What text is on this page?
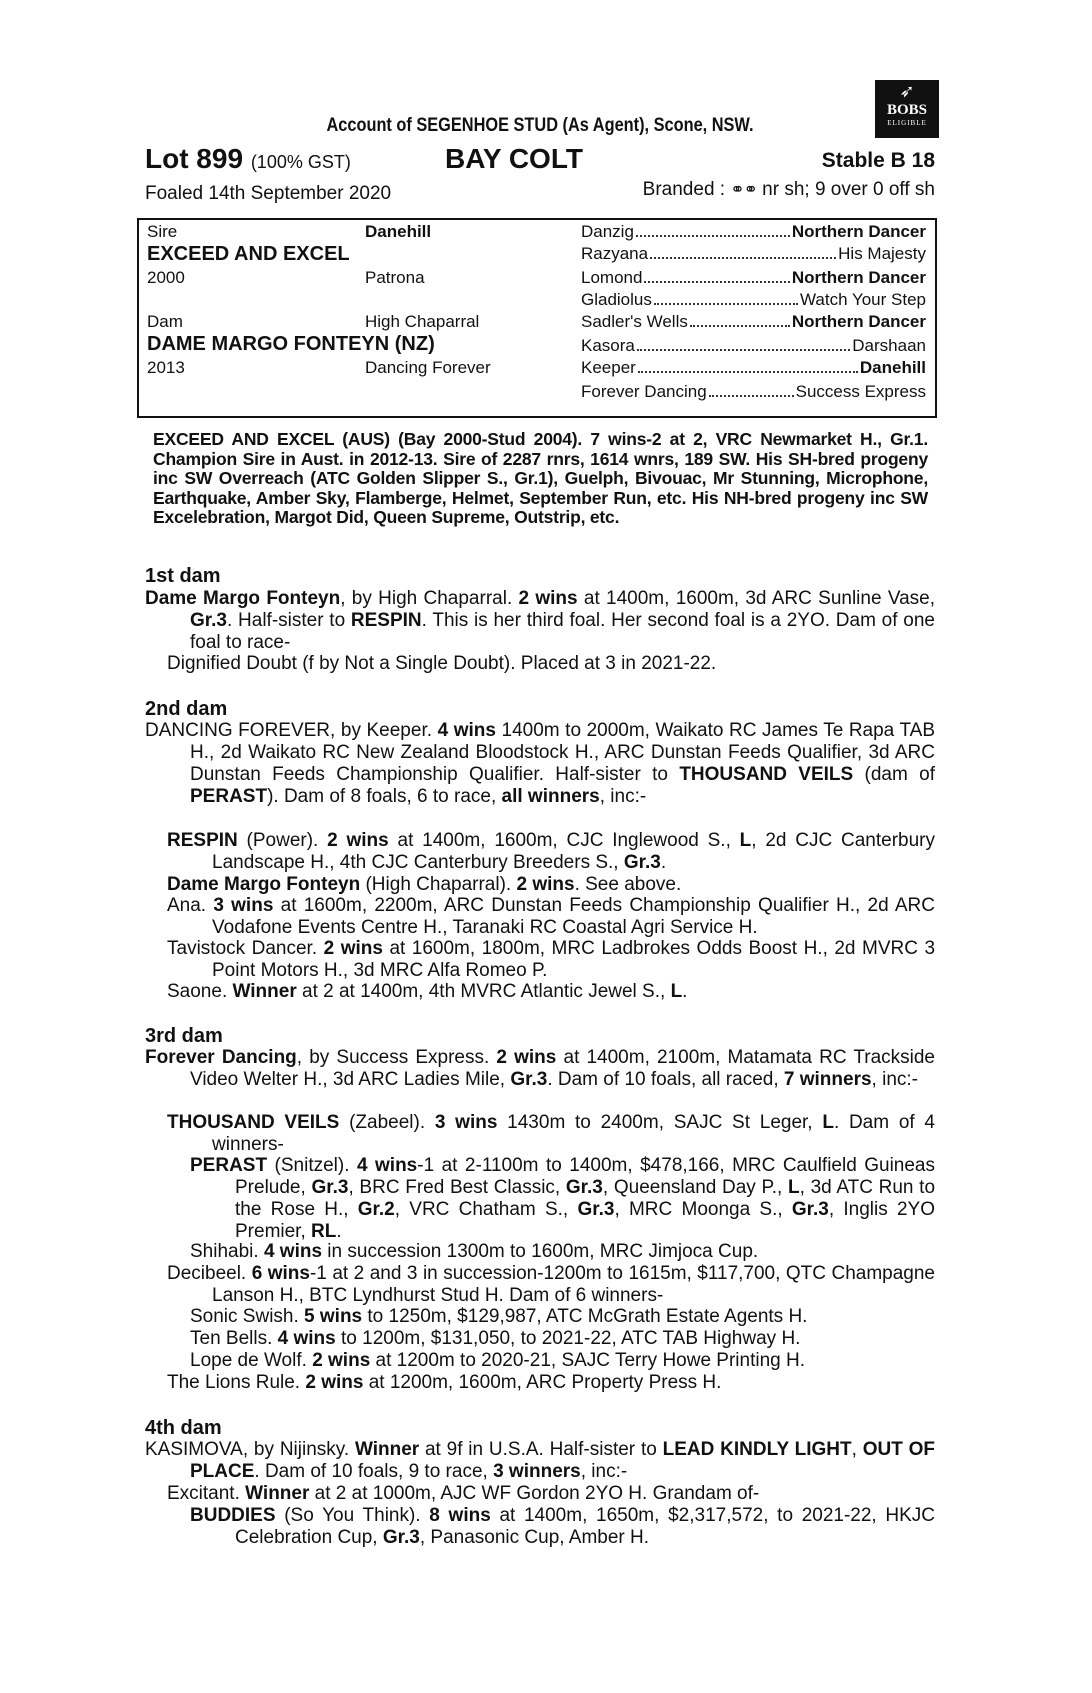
➶
BOBS
ELIGIBLE
Account of SEGENHOE STUD (As Agent), Scone, NSW.
Lot 899 (100% GST)	BAY COLT	Stable B 18
Foaled 14th September 2020	Branded : ⚭⚭ nr sh; 9 over 0 off sh
Sire	Danehill
EXCEED AND EXCEL
2000	Patrona
Dam	High Chaparral
DAME MARGO FONTEYN (NZ)
2013	Dancing Forever
Danzig	Northern Dancer
Razyana	His Majesty
Lomond	Northern Dancer
Gladiolus	Watch Your Step
Sadler's Wells	Northern Dancer
Kasora	Darshaan
Keeper	Danehill
Forever Dancing	Success Express
EXCEED AND EXCEL (AUS) (Bay 2000-Stud 2004). 7 wins-2 at 2, VRC Newmarket H., Gr.1. Champion Sire in Aust. in 2012-13. Sire of 2287 rnrs, 1614 wnrs, 189 SW. His SH-bred progeny inc SW Overreach (ATC Golden Slipper S., Gr.1), Guelph, Bivouac, Mr Stunning, Microphone, Earthquake, Amber Sky, Flamberge, Helmet, September Run, etc. His NH-bred progeny inc SW Excelebration, Margot Did, Queen Supreme, Outstrip, etc.
1st dam
Dame Margo Fonteyn, by High Chaparral. 2 wins at 1400m, 1600m, 3d ARC Sunline Vase, Gr.3. Half-sister to RESPIN. This is her third foal. Her second foal is a 2YO. Dam of one foal to race-
Dignified Doubt (f by Not a Single Doubt). Placed at 3 in 2021-22.
2nd dam
DANCING FOREVER, by Keeper. 4 wins 1400m to 2000m, Waikato RC James Te Rapa TAB H., 2d Waikato RC New Zealand Bloodstock H., ARC Dunstan Feeds Qualifier, 3d ARC Dunstan Feeds Championship Qualifier. Half-sister to THOUSAND VEILS (dam of PERAST). Dam of 8 foals, 6 to race, all winners, inc:-
RESPIN (Power). 2 wins at 1400m, 1600m, CJC Inglewood S., L, 2d CJC Canterbury Landscape H., 4th CJC Canterbury Breeders S., Gr.3.
Dame Margo Fonteyn (High Chaparral). 2 wins. See above.
Ana. 3 wins at 1600m, 2200m, ARC Dunstan Feeds Championship Qualifier H., 2d ARC Vodafone Events Centre H., Taranaki RC Coastal Agri Service H.
Tavistock Dancer. 2 wins at 1600m, 1800m, MRC Ladbrokes Odds Boost H., 2d MVRC 3 Point Motors H., 3d MRC Alfa Romeo P.
Saone. Winner at 2 at 1400m, 4th MVRC Atlantic Jewel S., L.
3rd dam
Forever Dancing, by Success Express. 2 wins at 1400m, 2100m, Matamata RC Trackside Video Welter H., 3d ARC Ladies Mile, Gr.3. Dam of 10 foals, all raced, 7 winners, inc:-
THOUSAND VEILS (Zabeel). 3 wins 1430m to 2400m, SAJC St Leger, L. Dam of 4 winners-
PERAST (Snitzel). 4 wins-1 at 2-1100m to 1400m, $478,166, MRC Caulfield Guineas Prelude, Gr.3, BRC Fred Best Classic, Gr.3, Queensland Day P., L, 3d ATC Run to the Rose H., Gr.2, VRC Chatham S., Gr.3, MRC Moonga S., Gr.3, Inglis 2YO Premier, RL.
Shihabi. 4 wins in succession 1300m to 1600m, MRC Jimjoca Cup.
Decibeel. 6 wins-1 at 2 and 3 in succession-1200m to 1615m, $117,700, QTC Champagne Lanson H., BTC Lyndhurst Stud H. Dam of 6 winners-
Sonic Swish. 5 wins to 1250m, $129,987, ATC McGrath Estate Agents H.
Ten Bells. 4 wins to 1200m, $131,050, to 2021-22, ATC TAB Highway H.
Lope de Wolf. 2 wins at 1200m to 2020-21, SAJC Terry Howe Printing H.
The Lions Rule. 2 wins at 1200m, 1600m, ARC Property Press H.
4th dam
KASIMOVA, by Nijinsky. Winner at 9f in U.S.A. Half-sister to LEAD KINDLY LIGHT, OUT OF PLACE. Dam of 10 foals, 9 to race, 3 winners, inc:-
Excitant. Winner at 2 at 1000m, AJC WF Gordon 2YO H. Grandam of-
BUDDIES (So You Think). 8 wins at 1400m, 1650m, $2,317,572, to 2021-22, HKJC Celebration Cup, Gr.3, Panasonic Cup, Amber H.
